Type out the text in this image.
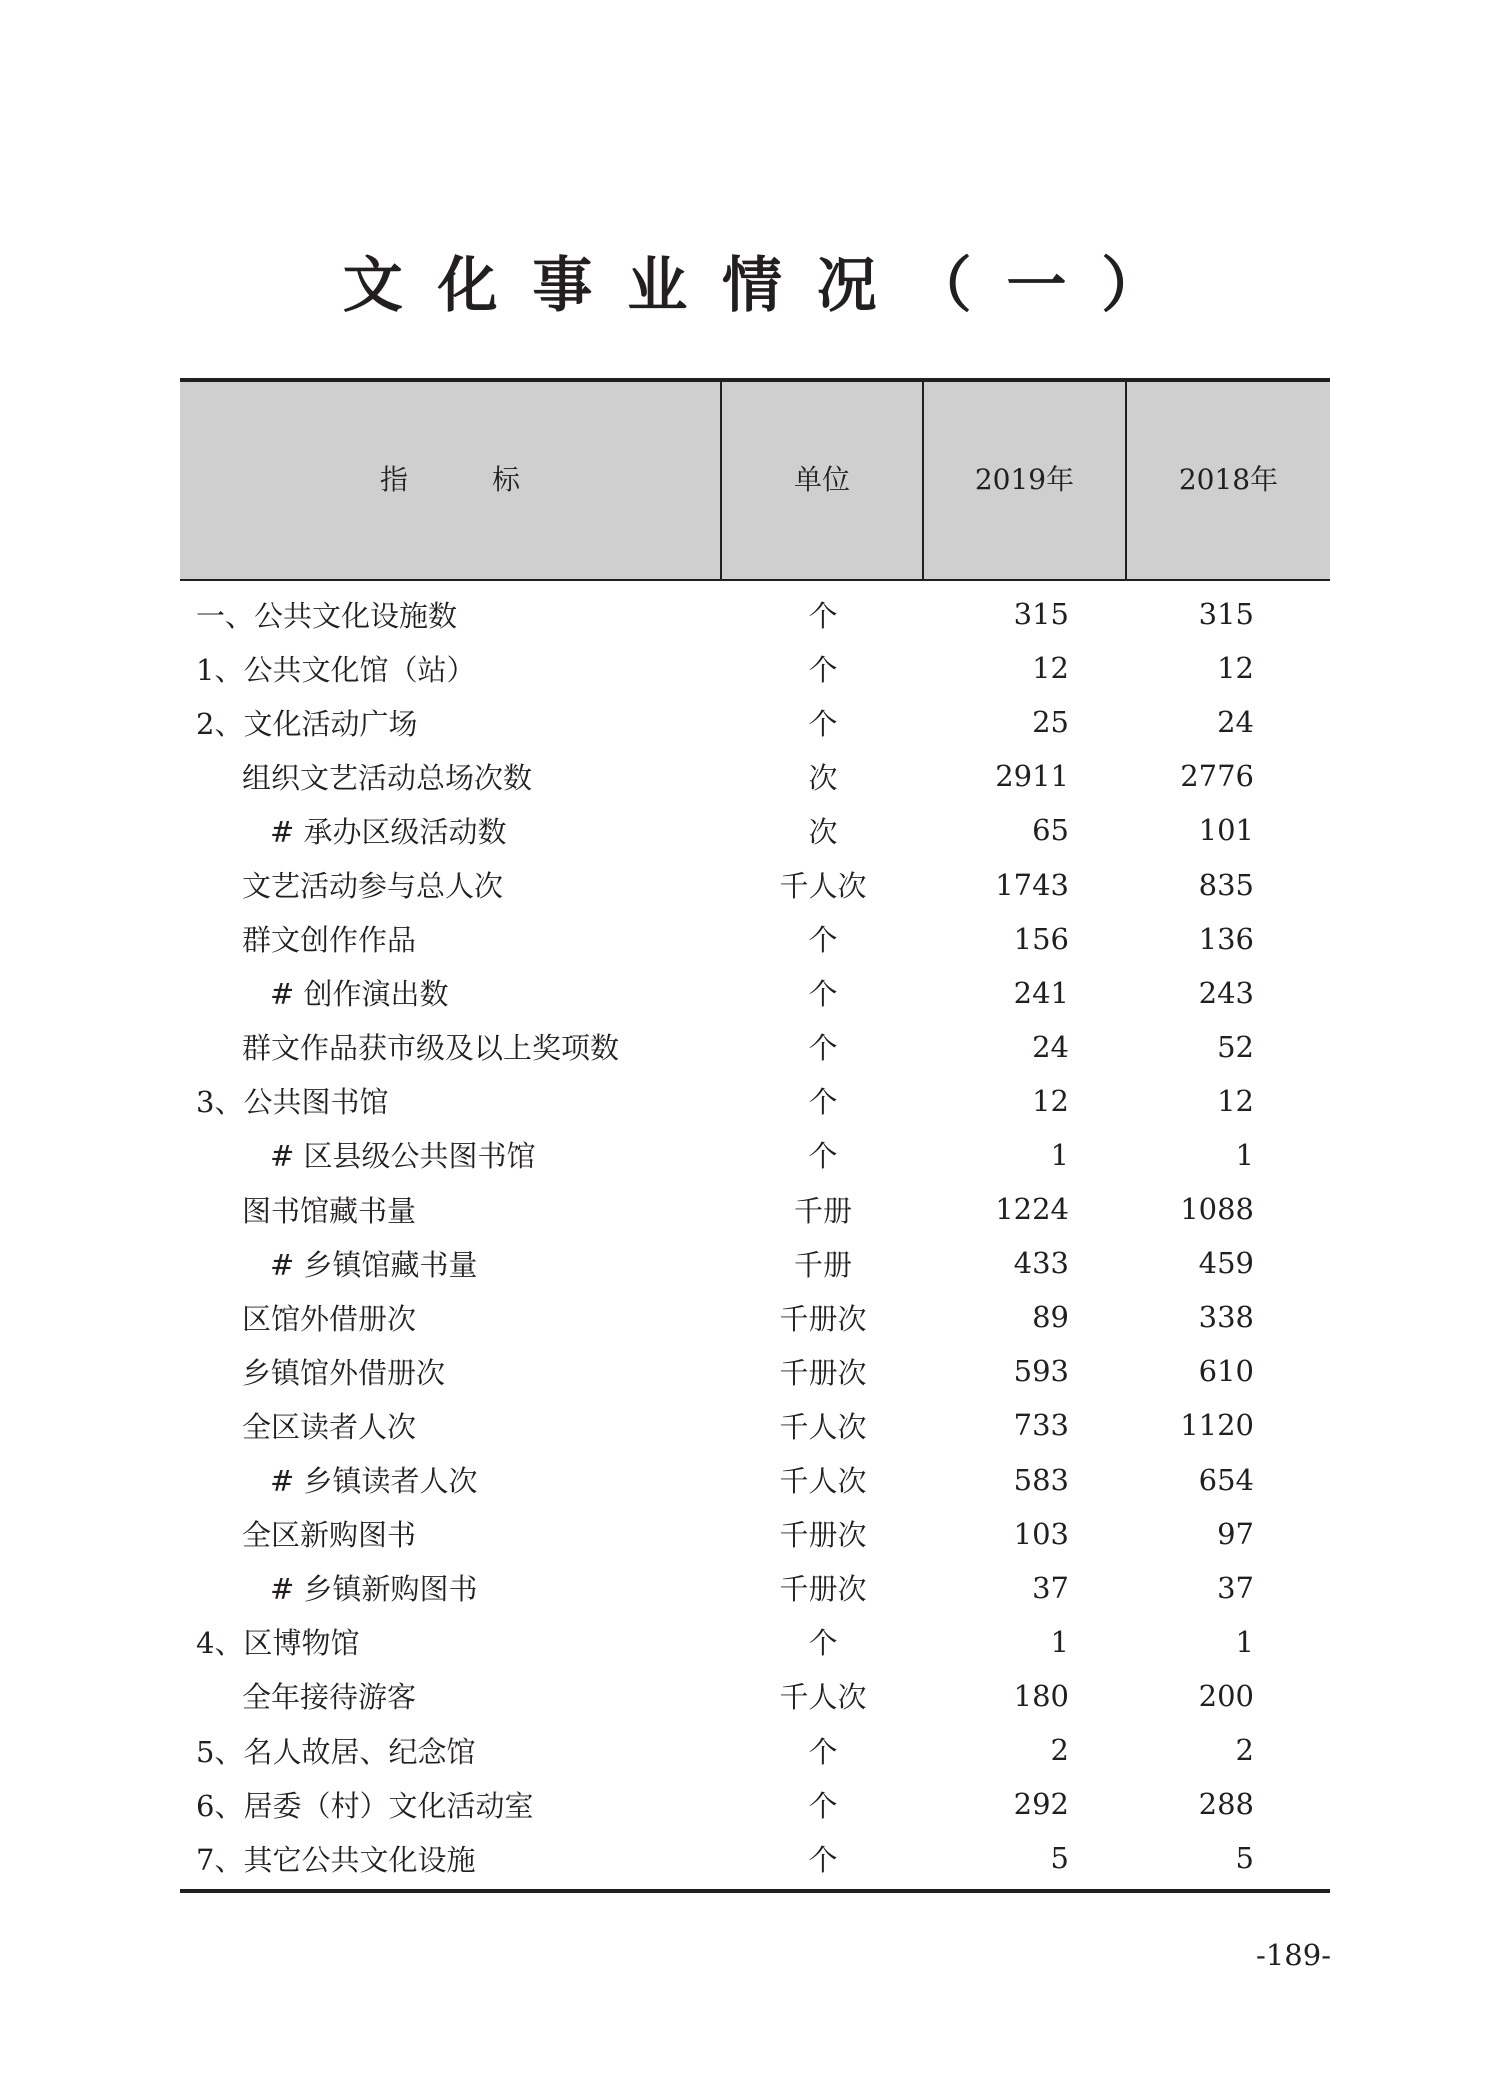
文化事业情况（一）
指　　　标	单位	2019年	2018年
一、公共文化设施数	个	315	315
1、公共文化馆（站）	个	12	12
2、文化活动广场	个	25	24
组织文艺活动总场次数	次	2911	2776
# 承办区级活动数	次	65	101
文艺活动参与总人次	千人次	1743	835
群文创作作品	个	156	136
# 创作演出数	个	241	243
群文作品获市级及以上奖项数	个	24	52
3、公共图书馆	个	12	12
# 区县级公共图书馆	个	1	1
图书馆藏书量	千册	1224	1088
# 乡镇馆藏书量	千册	433	459
区馆外借册次	千册次	89	338
乡镇馆外借册次	千册次	593	610
全区读者人次	千人次	733	1120
# 乡镇读者人次	千人次	583	654
全区新购图书	千册次	103	97
# 乡镇新购图书	千册次	37	37
4、区博物馆	个	1	1
全年接待游客	千人次	180	200
5、名人故居、纪念馆	个	2	2
6、居委（村）文化活动室	个	292	288
7、其它公共文化设施	个	5	5
-189-
